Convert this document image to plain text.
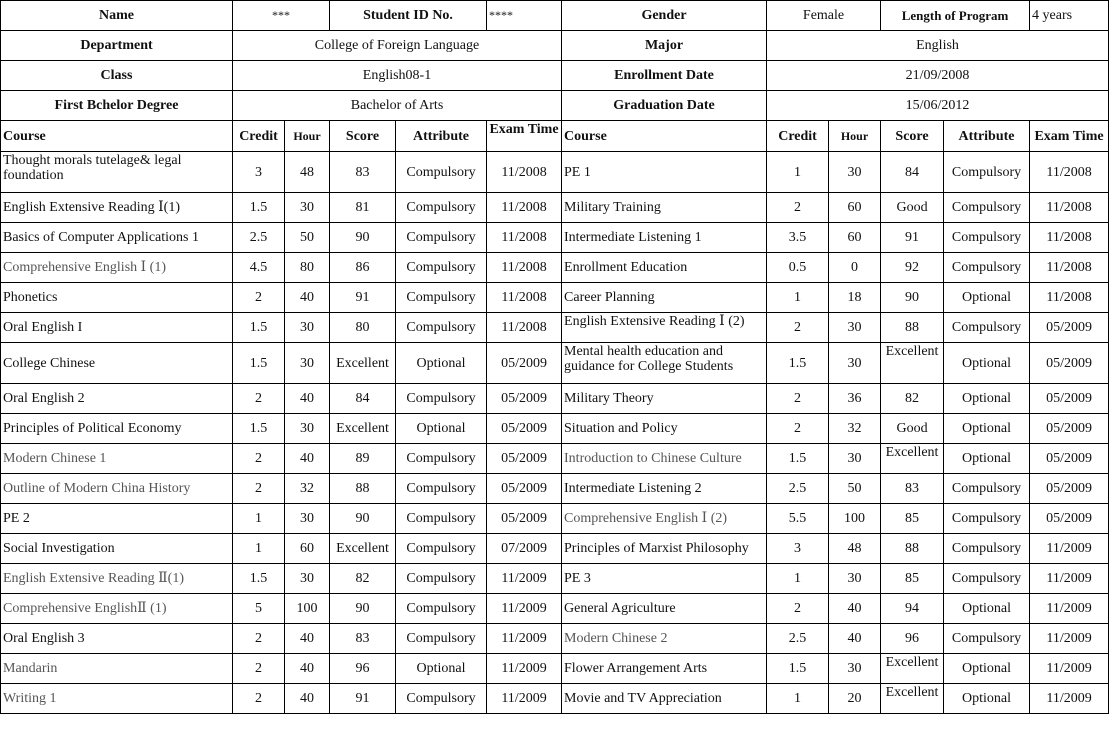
Name	***		Student ID No.		****	Gender	Female		Length of Program		4 years
Department	College of Foreign Language					Major	English				
Class	English08-1					Enrollment Date	21/09/2008				
First Bchelor Degree	Bachelor of Arts					Graduation Date	15/06/2012				
Course	Credit	Hour	Score	Attribute	Exam Time	Course	Credit	Hour	Score	Attribute	Exam Time

Thought morals tutelage& legal foundation	3	48	83	Compulsory	11/2008	PE 1	1	30	84	Compulsory	11/2008
English Extensive Reading Ⅰ(1)	1.5	30	81	Compulsory	11/2008	Military Training	2	60	Good	Compulsory	11/2008
Basics of Computer Applications 1	2.5	50	90	Compulsory	11/2008	Intermediate Listening 1	3.5	60	91	Compulsory	11/2008
Comprehensive English Ⅰ (1)	4.5	80	86	Compulsory	11/2008	Enrollment Education	0.5	0	92	Compulsory	11/2008
Phonetics	2	40	91	Compulsory	11/2008	Career Planning	1	18	90	Optional	11/2008
Oral English I	1.5	30	80	Compulsory	11/2008	English Extensive Reading Ⅰ (2)	2	30	88	Compulsory	05/2009
College Chinese	1.5	30	Excellent	Optional	05/2009	Mental health education and guidance for College Students	1.5	30	Excellent	Optional	05/2009
Oral English 2	2	40	84	Compulsory	05/2009	Military Theory	2	36	82	Optional	05/2009
Principles of Political Economy	1.5	30	Excellent	Optional	05/2009	Situation and Policy	2	32	Good	Optional	05/2009
Modern Chinese 1	2	40	89	Compulsory	05/2009	Introduction to Chinese Culture	1.5	30	Excellent	Optional	05/2009
Outline of Modern China History	2	32	88	Compulsory	05/2009	Intermediate Listening 2	2.5	50	83	Compulsory	05/2009
PE 2	1	30	90	Compulsory	05/2009	Comprehensive English Ⅰ (2)	5.5	100	85	Compulsory	05/2009
Social Investigation	1	60	Excellent	Compulsory	07/2009	Principles of Marxist Philosophy	3	48	88	Compulsory	11/2009
English Extensive Reading Ⅱ(1)	1.5	30	82	Compulsory	11/2009	PE 3	1	30	85	Compulsory	11/2009
Comprehensive EnglishⅡ (1)	5	100	90	Compulsory	11/2009	General Agriculture	2	40	94	Optional	11/2009
Oral English 3	2	40	83	Compulsory	11/2009	Modern Chinese 2	2.5	40	96	Compulsory	11/2009
Mandarin	2	40	96	Optional	11/2009	Flower Arrangement Arts	1.5	30	Excellent	Optional	11/2009
Writing 1	2	40	91	Compulsory	11/2009	Movie and TV Appreciation	1	20	Excellent	Optional	11/2009
